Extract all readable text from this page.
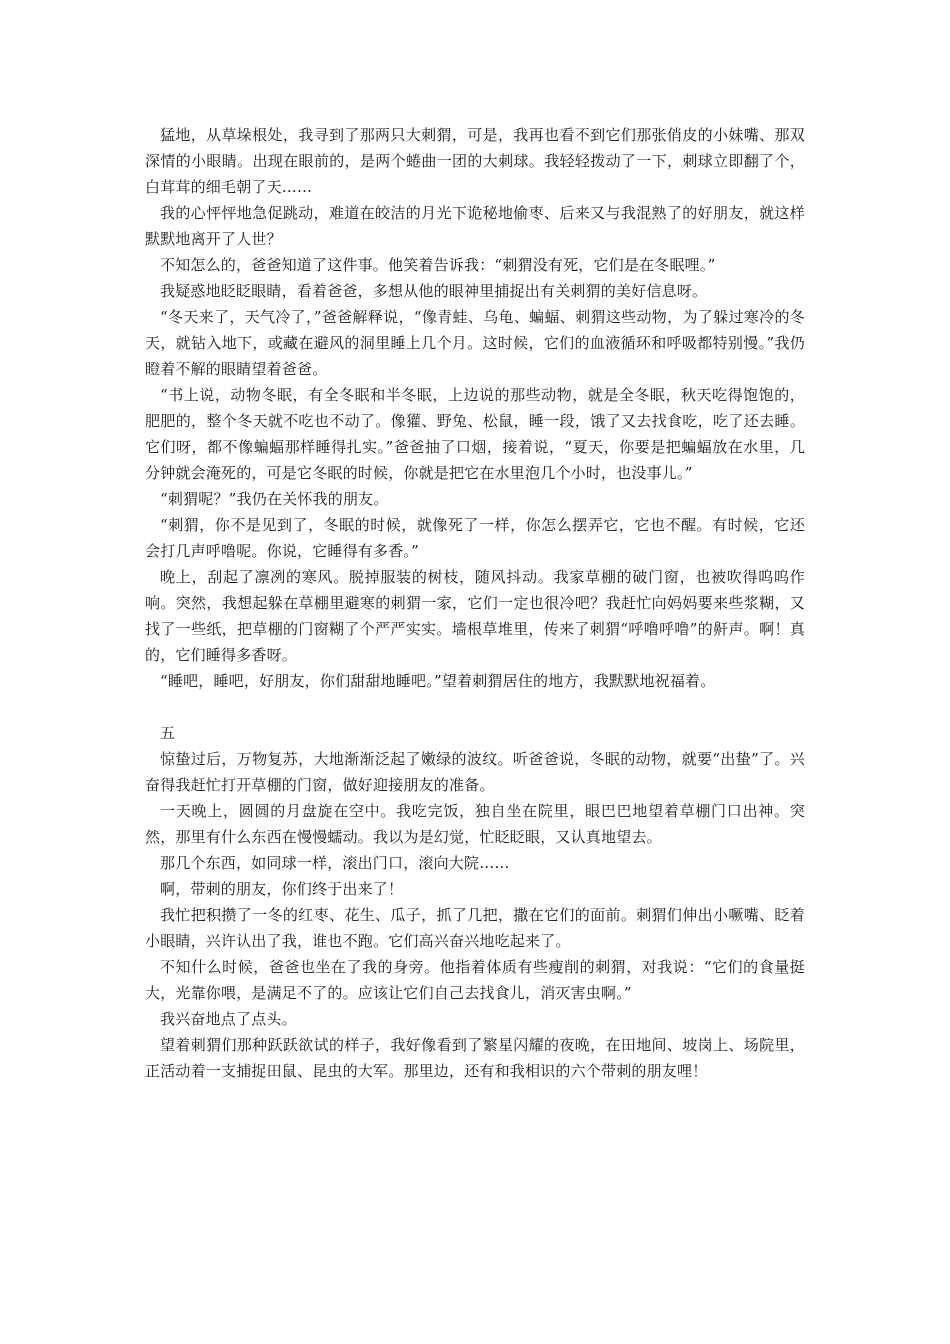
猛地，从草垛根处，我寻到了那两只大刺猬，可是，我再也看不到它们那张俏皮的小妹嘴、那双深情的小眼睛。出现在眼前的，是两个蜷曲一团的大刺球。我轻轻拨动了一下，刺球立即翻了个，白茸茸的细毛朝了天……

我的心怦怦地急促跳动，难道在皎洁的月光下诡秘地偷枣、后来又与我混熟了的好朋友，就这样默默地离开了人世？

不知怎么的，爸爸知道了这件事。他笑着告诉我：“刺猬没有死，它们是在冬眠哩。”

我疑惑地眨眨眼睛，看着爸爸，多想从他的眼神里捕捉出有关刺猬的美好信息呀。

“冬天来了，天气冷了，”爸爸解释说，“像青蛙、乌龟、蝙蝠、刺猬这些动物，为了躲过寒冷的冬天，就钻入地下，或藏在避风的洞里睡上几个月。这时候，它们的血液循环和呼吸都特别慢。”我仍瞪着不解的眼睛望着爸爸。

“书上说，动物冬眠，有全冬眠和半冬眠，上边说的那些动物，就是全冬眠，秋天吃得饱饱的，肥肥的，整个冬天就不吃也不动了。像獾、野兔、松鼠，睡一段，饿了又去找食吃，吃了还去睡。它们呀，都不像蝙蝠那样睡得扎实。”爸爸抽了口烟，接着说，“夏天，你要是把蝙蝠放在水里，几分钟就会淹死的，可是它冬眠的时候，你就是把它在水里泡几个小时，也没事儿。”

“刺猬呢？”我仍在关怀我的朋友。

“刺猬，你不是见到了，冬眠的时候，就像死了一样，你怎么摆弄它，它也不醒。有时候，它还会打几声呼噜呢。你说，它睡得有多香。”

晚上，刮起了凛冽的寒风。脱掉服装的树枝，随风抖动。我家草棚的破门窗，也被吹得呜呜作响。突然，我想起躲在草棚里避寒的刺猬一家，它们一定也很冷吧？我赶忙向妈妈要来些浆糊，又找了一些纸，把草棚的门窗糊了个严严实实。墙根草堆里，传来了刺猬“呼噜呼噜”的鼾声。啊！真的，它们睡得多香呀。

“睡吧，睡吧，好朋友，你们甜甜地睡吧。”望着刺猬居住的地方，我默默地祝福着。

五

惊蛰过后，万物复苏，大地渐渐泛起了嫩绿的波纹。听爸爸说，冬眠的动物，就要“出蛰”了。兴奋得我赶忙打开草棚的门窗，做好迎接朋友的准备。

一天晚上，圆圆的月盘旋在空中。我吃完饭，独自坐在院里，眼巴巴地望着草棚门口出神。突然，那里有什么东西在慢慢蠕动。我以为是幻觉，忙眨眨眼，又认真地望去。

那几个东西，如同球一样，滚出门口，滚向大院……

啊，带刺的朋友，你们终于出来了！

我忙把积攒了一冬的红枣、花生、瓜子，抓了几把，撒在它们的面前。刺猬们伸出小噘嘴、眨着小眼睛，兴许认出了我，谁也不跑。它们高兴奋兴地吃起来了。

不知什么时候，爸爸也坐在了我的身旁。他指着体质有些瘦削的刺猬，对我说：“它们的食量挺大，光靠你喂，是满足不了的。应该让它们自己去找食儿，消灭害虫啊。”

我兴奋地点了点头。

望着刺猬们那种跃跃欲试的样子，我好像看到了繁星闪耀的夜晚，在田地间、坡岗上、场院里，正活动着一支捕捉田鼠、昆虫的大军。那里边，还有和我相识的六个带刺的朋友哩！
